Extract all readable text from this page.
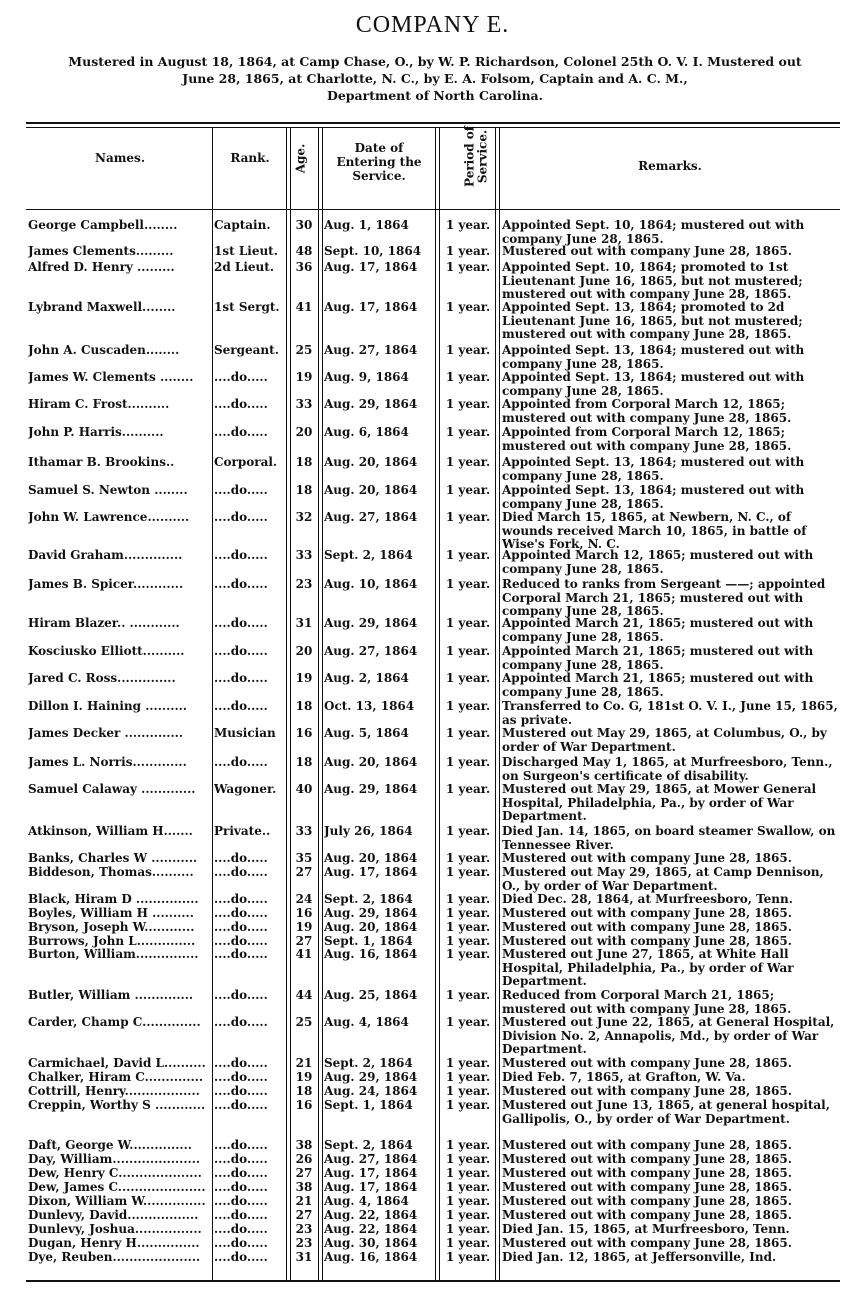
COMPANY E.
Mustered in August 18, 1864, at Camp Chase, O., by W. P. Richardson, Colonel 25th O. V. I. Mustered out
June 28, 1865, at Charlotte, N. C., by E. A. Folsom, Captain and A. C. M.,
Department of North Carolina.
Names.	Rank.	Age.	Date of
Entering the
Service.	Period of Service.	Remarks.
George Campbell........	Captain.	30 Aug. 1, 1864	1 year. Appointed Sept. 10, 1864; mustered out with company June 28, 1865.
James Clements.........	1st Lieut.	48 Sept. 10, 1864	1 year. Mustered out with company June 28, 1865.
Alfred D. Henry .........	2d Lieut.	36 Aug. 17, 1864	1 year. Appointed Sept. 10, 1864; promoted to 1st Lieutenant June 16, 1865, but not mustered; mustered out with company June 28, 1865.
Lybrand Maxwell........	1st Sergt.	41 Aug. 17, 1864	1 year. Appointed Sept. 13, 1864; promoted to 2d Lieutenant June 16, 1865, but not mustered; mustered out with company June 28, 1865.
John A. Cuscaden........	Sergeant.	25 Aug. 27, 1864	1 year. Appointed Sept. 13, 1864; mustered out with company June 28, 1865.
James W. Clements ........	....do.....	19 Aug. 9, 1864	1 year. Appointed Sept. 13, 1864; mustered out with company June 28, 1865.
Hiram C. Frost..........	....do.....	33 Aug. 29, 1864	1 year. Appointed from Corporal March 12, 1865; mustered out with company June 28, 1865.
John P. Harris..........	....do.....	20 Aug. 6, 1864	1 year. Appointed from Corporal March 12, 1865; mustered out with company June 28, 1865.
Ithamar B. Brookins..	Corporal.	18 Aug. 20, 1864	1 year. Appointed Sept. 13, 1864; mustered out with company June 28, 1865.
Samuel S. Newton ........	....do.....	18 Aug. 20, 1864	1 year. Appointed Sept. 13, 1864; mustered out with company June 28, 1865.
John W. Lawrence..........	....do.....	32 Aug. 27, 1864	1 year. Died March 15, 1865, at Newbern, N. C., of wounds received March 10, 1865, in battle of Wise's Fork, N. C.
David Graham..............	....do.....	33 Sept. 2, 1864	1 year. Appointed March 12, 1865; mustered out with company June 28, 1865.
James B. Spicer............	....do.....	23 Aug. 10, 1864	1 year. Reduced to ranks from Sergeant ——; appointed Corporal March 21, 1865; mustered out with company June 28, 1865.
Hiram Blazer.. ............	....do.....	31 Aug. 29, 1864	1 year. Appointed March 21, 1865; mustered out with company June 28, 1865.
Kosciusko Elliott..........	....do.....	20 Aug. 27, 1864	1 year. Appointed March 21, 1865; mustered out with company June 28, 1865.
Jared C. Ross..............	....do.....	19 Aug. 2, 1864	1 year. Appointed March 21, 1865; mustered out with company June 28, 1865.
Dillon I. Haining ..........	....do.....	18 Oct. 13, 1864	1 year. Transferred to Co. G, 181st O. V. I., June 15, 1865, as private.
James Decker ..............	Musician	16 Aug. 5, 1864	1 year. Mustered out May 29, 1865, at Columbus, O., by order of War Department.
James L. Norris.............	....do.....	18 Aug. 20, 1864	1 year. Discharged May 1, 1865, at Murfreesboro, Tenn., on Surgeon's certificate of disability.
Samuel Calaway .............	Wagoner.	40 Aug. 29, 1864	1 year. Mustered out May 29, 1865, at Mower General Hospital, Philadelphia, Pa., by order of War Department.
Atkinson, William H.......	Private..	33 July 26, 1864	1 year. Died Jan. 14, 1865, on board steamer Swallow, on Tennessee River.
Banks, Charles W ...........	....do.....	35 Aug. 20, 1864	1 year. Mustered out with company June 28, 1865.
Biddeson, Thomas..........	....do.....	27 Aug. 17, 1864	1 year. Mustered out May 29, 1865, at Camp Dennison, O., by order of War Department.
Black, Hiram D ...............	....do.....	24 Sept. 2, 1864	1 year. Died Dec. 28, 1864, at Murfreesboro, Tenn.
Boyles, William H ..........	....do.....	16 Aug. 29, 1864	1 year. Mustered out with company June 28, 1865.
Bryson, Joseph W............	....do.....	19 Aug. 20, 1864	1 year. Mustered out with company June 28, 1865.
Burrows, John L..............	....do.....	27 Sept. 1, 1864	1 year. Mustered out with company June 28, 1865.
Burton, William...............	....do.....	41 Aug. 16, 1864	1 year. Mustered out June 27, 1865, at White Hall Hospital, Philadelphia, Pa., by order of War Department.
Butler, William ..............	....do.....	44 Aug. 25, 1864	1 year. Reduced from Corporal March 21, 1865; mustered out with company June 28, 1865.
Carder, Champ C..............	....do.....	25 Aug. 4, 1864	1 year. Mustered out June 22, 1865, at General Hospital, Division No. 2, Annapolis, Md., by order of War Department.
Carmichael, David L.......... ....do.....	21 Sept. 2, 1864	1 year. Mustered out with company June 28, 1865.
Chalker, Hiram C.............. ....do.....	19 Aug. 29, 1864	1 year. Died Feb. 7, 1865, at Grafton, W. Va.
Cottrill, Henry..................	....do.....	18 Aug. 24, 1864	1 year. Mustered out with company June 28, 1865.
Creppin, Worthy S ............ ....do.....	16 Sept. 1, 1864	1 year. Mustered out June 13, 1865, at general hospital, Gallipolis, O., by order of War Department.
Daft, George W...............	....do.....	38 Sept. 2, 1864	1 year. Mustered out with company June 28, 1865.
Day, William.....................	....do.....	26 Aug. 27, 1864	1 year. Mustered out with company June 28, 1865.
Dew, Henry C....................	....do.....	27 Aug. 17, 1864	1 year. Mustered out with company June 28, 1865.
Dew, James C..................... ....do.....	38 Aug. 17, 1864	1 year. Mustered out with company June 28, 1865.
Dixon, William W............... ....do.....	21 Aug. 4, 1864	1 year. Mustered out with company June 28, 1865.
Dunlevy, David.................	....do.....	27 Aug. 22, 1864	1 year. Mustered out with company June 28, 1865.
Dunlevy, Joshua................	....do.....	23 Aug. 22, 1864	1 year. Died Jan. 15, 1865, at Murfreesboro, Tenn.
Dugan, Henry H...............	....do.....	23 Aug. 30, 1864	1 year. Mustered out with company June 28, 1865.
Dye, Reuben.....................	....do.....	31 Aug. 16, 1864	1 year. Died Jan. 12, 1865, at Jeffersonville, Ind.
